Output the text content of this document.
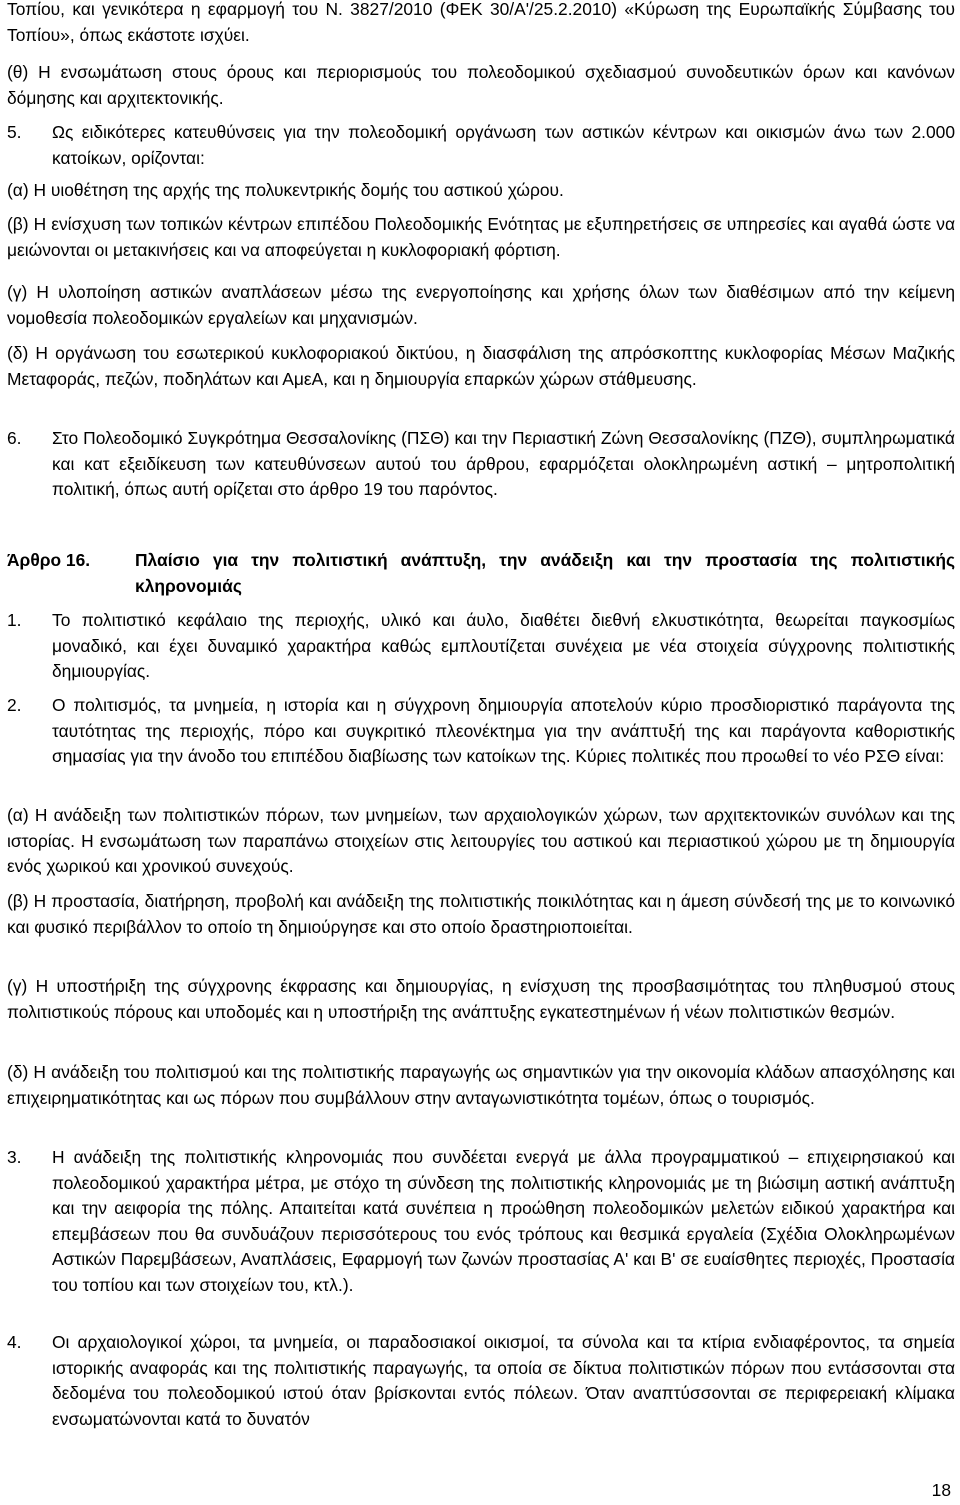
Τοπίου, και γενικότερα η εφαρμογή του Ν. 3827/2010 (ΦΕΚ 30/Α'/25.2.2010) «Κύρωση της Ευρωπαϊκής Σύμβασης του Τοπίου», όπως εκάστοτε ισχύει.

(θ) Η ενσωμάτωση στους όρους και περιορισμούς του πολεοδομικού σχεδιασμού συνοδευτικών όρων και κανόνων δόμησης και αρχιτεκτονικής.

5. Ως ειδικότερες κατευθύνσεις για την πολεοδομική οργάνωση των αστικών κέντρων και οικισμών άνω των 2.000 κατοίκων, ορίζονται:

(α) Η υιοθέτηση της αρχής της πολυκεντρικής δομής του αστικού χώρου.

(β) Η ενίσχυση των τοπικών κέντρων επιπέδου Πολεοδομικής Ενότητας με εξυπηρετήσεις σε υπηρεσίες και αγαθά ώστε να μειώνονται οι μετακινήσεις και να αποφεύγεται η κυκλοφοριακή φόρτιση.

(γ) Η υλοποίηση αστικών αναπλάσεων μέσω της ενεργοποίησης και χρήσης όλων των διαθέσιμων από την κείμενη νομοθεσία πολεοδομικών εργαλείων και μηχανισμών.

(δ) Η οργάνωση του εσωτερικού κυκλοφοριακού δικτύου, η διασφάλιση της απρόσκοπτης κυκλοφορίας Μέσων Μαζικής Μεταφοράς, πεζών, ποδηλάτων και ΑμεΑ, και η δημιουργία επαρκών χώρων στάθμευσης.

6. Στο Πολεοδομικό Συγκρότημα Θεσσαλονίκης (ΠΣΘ) και την Περιαστική Ζώνη Θεσσαλονίκης (ΠΖΘ), συμπληρωματικά και κατ εξειδίκευση των κατευθύνσεων αυτού του άρθρου, εφαρμόζεται ολοκληρωμένη αστική – μητροπολιτική πολιτική, όπως αυτή ορίζεται στο άρθρο 19 του παρόντος.

Άρθρο 16.	Πλαίσιο για την πολιτιστική ανάπτυξη, την ανάδειξη και την προστασία της πολιτιστικής κληρονομιάς

1. Το πολιτιστικό κεφάλαιο της περιοχής, υλικό και άυλο, διαθέτει διεθνή ελκυστικότητα, θεωρείται παγκοσμίως μοναδικό, και έχει δυναμικό χαρακτήρα καθώς εμπλουτίζεται συνέχεια με νέα στοιχεία σύγχρονης πολιτιστικής δημιουργίας.

2. Ο πολιτισμός, τα μνημεία, η ιστορία και η σύγχρονη δημιουργία αποτελούν κύριο προσδιοριστικό παράγοντα της ταυτότητας της περιοχής, πόρο και συγκριτικό πλεονέκτημα για την ανάπτυξή της και παράγοντα καθοριστικής σημασίας για την άνοδο του επιπέδου διαβίωσης των κατοίκων της. Κύριες πολιτικές που προωθεί το νέο ΡΣΘ είναι:

(α) Η ανάδειξη των πολιτιστικών πόρων, των μνημείων, των αρχαιολογικών χώρων, των αρχιτεκτονικών συνόλων και της ιστορίας. Η ενσωμάτωση των παραπάνω στοιχείων στις λειτουργίες του αστικού και περιαστικού χώρου με τη δημιουργία ενός χωρικού και χρονικού συνεχούς.

(β) Η προστασία, διατήρηση, προβολή και ανάδειξη της πολιτιστικής ποικιλότητας και η άμεση σύνδεσή της με το κοινωνικό και φυσικό περιβάλλον το οποίο τη δημιούργησε και στο οποίο δραστηριοποιείται.

(γ) Η υποστήριξη της σύγχρονης έκφρασης και δημιουργίας, η ενίσχυση της προσβασιμότητας του πληθυσμού στους πολιτιστικούς πόρους και υποδομές και η υποστήριξη της ανάπτυξης εγκατεστημένων ή νέων πολιτιστικών θεσμών.

(δ) Η ανάδειξη του πολιτισμού και της πολιτιστικής παραγωγής ως σημαντικών για την οικονομία κλάδων απασχόλησης και επιχειρηματικότητας και ως πόρων που συμβάλλουν στην ανταγωνιστικότητα τομέων, όπως ο τουρισμός.

3. Η ανάδειξη της πολιτιστικής κληρονομιάς που συνδέεται ενεργά με άλλα προγραμματικού – επιχειρησιακού και πολεοδομικού χαρακτήρα μέτρα, με στόχο τη σύνδεση της πολιτιστικής κληρονομιάς με τη βιώσιμη αστική ανάπτυξη και την αειφορία της πόλης. Απαιτείται κατά συνέπεια η προώθηση πολεοδομικών μελετών ειδικού χαρακτήρα και επεμβάσεων που θα συνδυάζουν περισσότερους του ενός τρόπους και θεσμικά εργαλεία (Σχέδια Ολοκληρωμένων Αστικών Παρεμβάσεων, Αναπλάσεις, Εφαρμογή των ζωνών προστασίας Α' και Β' σε ευαίσθητες περιοχές, Προστασία του τοπίου και των στοιχείων του, κτλ.).

4. Οι αρχαιολογικοί χώροι, τα μνημεία, οι παραδοσιακοί οικισμοί, τα σύνολα και τα κτίρια ενδιαφέροντος, τα σημεία ιστορικής αναφοράς και της πολιτιστικής παραγωγής, τα οποία σε δίκτυα πολιτιστικών πόρων που εντάσσονται στα δεδομένα του πολεοδομικού ιστού όταν βρίσκονται εντός πόλεων. Όταν αναπτύσσονται σε περιφερειακή κλίμακα ενσωματώνονται κατά το δυνατόν

18
